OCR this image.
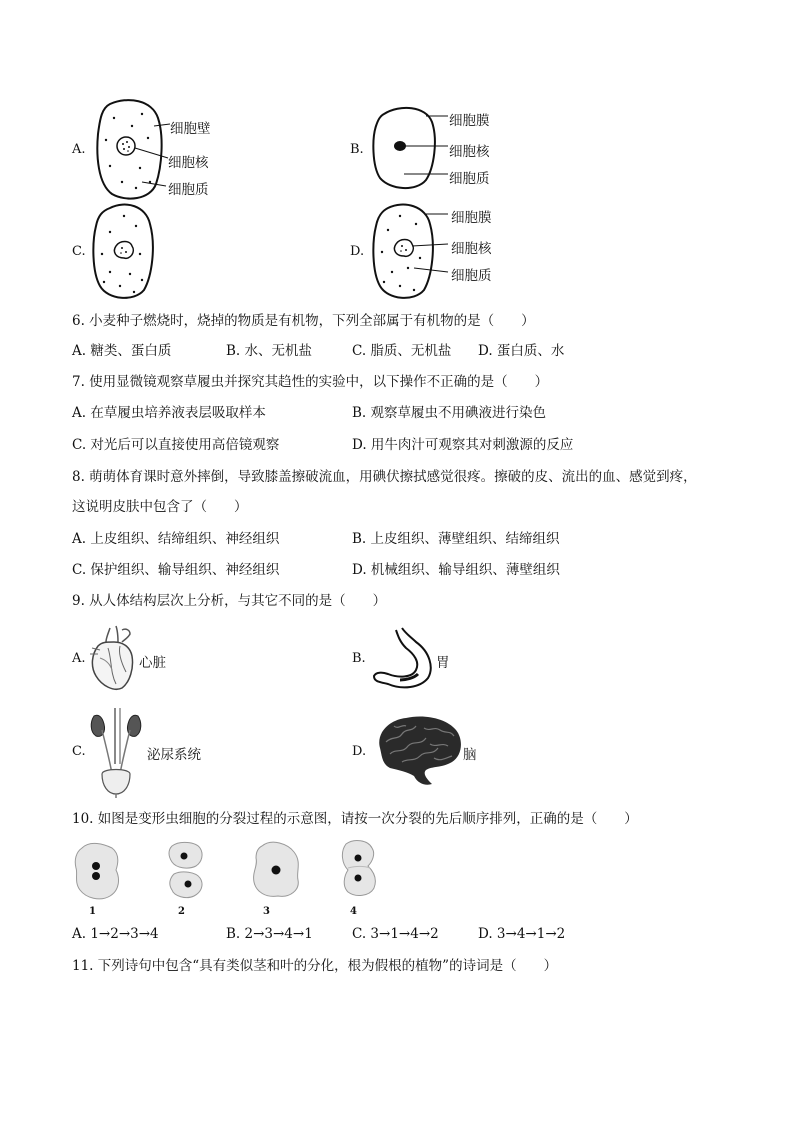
A.
细胞壁
细胞核
细胞质
B.
细胞膜
细胞核
细胞质
C.	D.
细胞膜
细胞核
细胞质
6. 小麦种子燃烧时，烧掉的物质是有机物，下列全部属于有机物的是（　　）
A. 糖类、蛋白质	B. 水、无机盐	C. 脂质、无机盐 D. 蛋白质、水
7. 使用显微镜观察草履虫并探究其趋性的实验中，以下操作不正确的是（　　）
A. 在草履虫培养液表层吸取样本	B. 观察草履虫不用碘液进行染色
C. 对光后可以直接使用高倍镜观察	D. 用牛肉汁可观察其对刺激源的反应
8. 萌萌体育课时意外摔倒，导致膝盖擦破流血，用碘伏擦拭感觉很疼。擦破的皮、流出的血、感觉到疼，
这说明皮肤中包含了（　　）
A. 上皮组织、结缔组织、神经组织	B. 上皮组织、薄壁组织、结缔组织
C. 保护组织、输导组织、神经组织	D. 机械组织、输导组织、薄壁组织
9. 从人体结构层次上分析，与其它不同的是（　　）
A.	心脏	B.	胃
C.	泌尿系统	D.	脑
10. 如图是变形虫细胞的分裂过程的示意图，请按一次分裂的先后顺序排列，正确的是（　　）
1	2	3	4
A. 1→2→3→4	B. 2→3→4→1	C. 3→1→4→2	D. 3→4→1→2
11. 下列诗句中包含“具有类似茎和叶的分化，根为假根的植物”的诗词是（　　）
